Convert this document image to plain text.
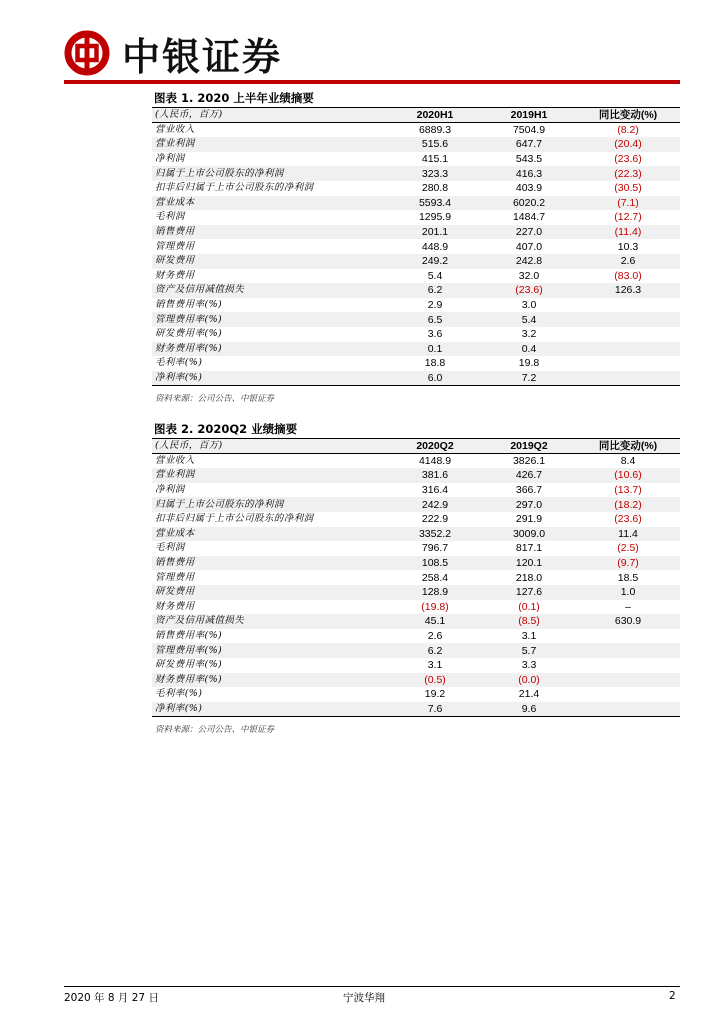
中银证券
图表 1. 2020 上半年业绩摘要
(人民币，百万)	2020H1	2019H1	同比变动(%)
营业收入	6889.3	7504.9	(8.2)
营业利润	515.6	647.7	(20.4)
净利润	415.1	543.5	(23.6)
归属于上市公司股东的净利润	323.3	416.3	(22.3)
扣非后归属于上市公司股东的净利润	280.8	403.9	(30.5)
营业成本	5593.4	6020.2	(7.1)
毛利润	1295.9	1484.7	(12.7)
销售费用	201.1	227.0	(11.4)
管理费用	448.9	407.0	10.3
研发费用	249.2	242.8	2.6
财务费用	5.4	32.0	(83.0)
资产及信用减值损失	6.2	(23.6)	126.3
销售费用率(%)	2.9	3.0	
管理费用率(%)	6.5	5.4	
研发费用率(%)	3.6	3.2	
财务费用率(%)	0.1	0.4	
毛利率(%)	18.8	19.8	
净利率(%)	6.0	7.2	
资料来源：公司公告、中银证券
图表 2. 2020Q2 业绩摘要
(人民币，百万)	2020Q2	2019Q2	同比变动(%)
营业收入	4148.9	3826.1	8.4
营业利润	381.6	426.7	(10.6)
净利润	316.4	366.7	(13.7)
归属于上市公司股东的净利润	242.9	297.0	(18.2)
扣非后归属于上市公司股东的净利润	222.9	291.9	(23.6)
营业成本	3352.2	3009.0	11.4
毛利润	796.7	817.1	(2.5)
销售费用	108.5	120.1	(9.7)
管理费用	258.4	218.0	18.5
研发费用	128.9	127.6	1.0
财务费用	(19.8)	(0.1)	–
资产及信用减值损失	45.1	(8.5)	630.9
销售费用率(%)	2.6	3.1	
管理费用率(%)	6.2	5.7	
研发费用率(%)	3.1	3.3	
财务费用率(%)	(0.5)	(0.0)	
毛利率(%)	19.2	21.4	
净利率(%)	7.6	9.6	
资料来源：公司公告、中银证券
2020 年 8 月 27 日	宁波华翔	2
